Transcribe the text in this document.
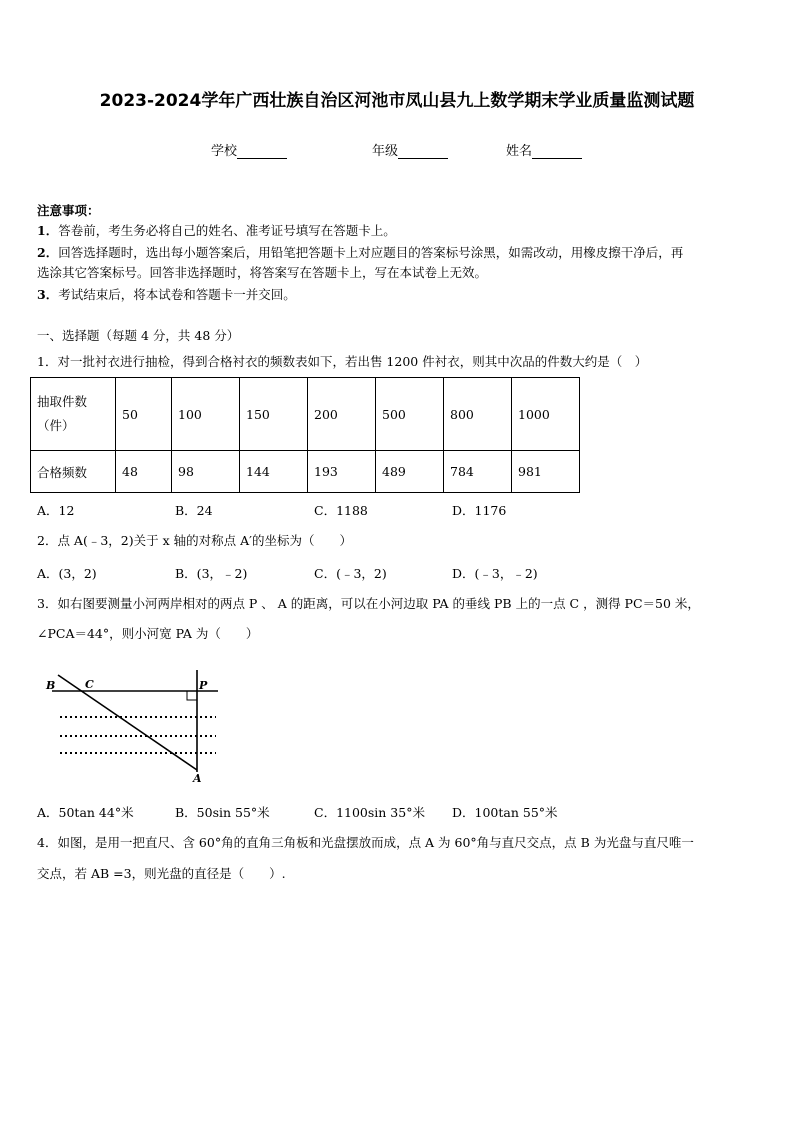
2023-2024学年广西壮族自治区河池市凤山县九上数学期末学业质量监测试题
学校	年级	姓名
注意事项：
1．答卷前，考生务必将自己的姓名、准考证号填写在答题卡上。
2．回答选择题时，选出每小题答案后，用铅笔把答题卡上对应题目的答案标号涂黑，如需改动，用橡皮擦干净后，再
选涂其它答案标号。回答非选择题时，将答案写在答题卡上，写在本试卷上无效。
3．考试结束后，将本试卷和答题卡一并交回。
一、选择题（每题 4 分，共 48 分）
1．对一批衬衣进行抽检，得到合格衬衣的频数表如下，若出售 1200 件衬衣，则其中次品的件数大约是（　）
抽取件数
（件）	50	100	150	200	500	800	1000
合格频数	48	98	144	193	489	784	981
A．12	B．24	C．1188	D．1176
2．点 A(﹣3，2)关于 x 轴的对称点 A′的坐标为（　　）
A．(3，2)	B．(3，﹣2)	C．(﹣3，2)	D．(﹣3，﹣2)
3．如右图要测量小河两岸相对的两点 P 、 A 的距离，可以在小河边取 PA 的垂线 PB 上的一点 C ，测得 PC＝50 米，
∠PCA＝44°，则小河宽 PA 为（　　）
B	C	P
A
A．50tan 44°米	B．50sin 55°米	C．1100sin 35°米 D．100tan 55°米
4．如图，是用一把直尺、含 60°角的直角三角板和光盘摆放而成，点 A 为 60°角与直尺交点，点 B 为光盘与直尺唯一
交点，若 AB =3，则光盘的直径是（　　）.
